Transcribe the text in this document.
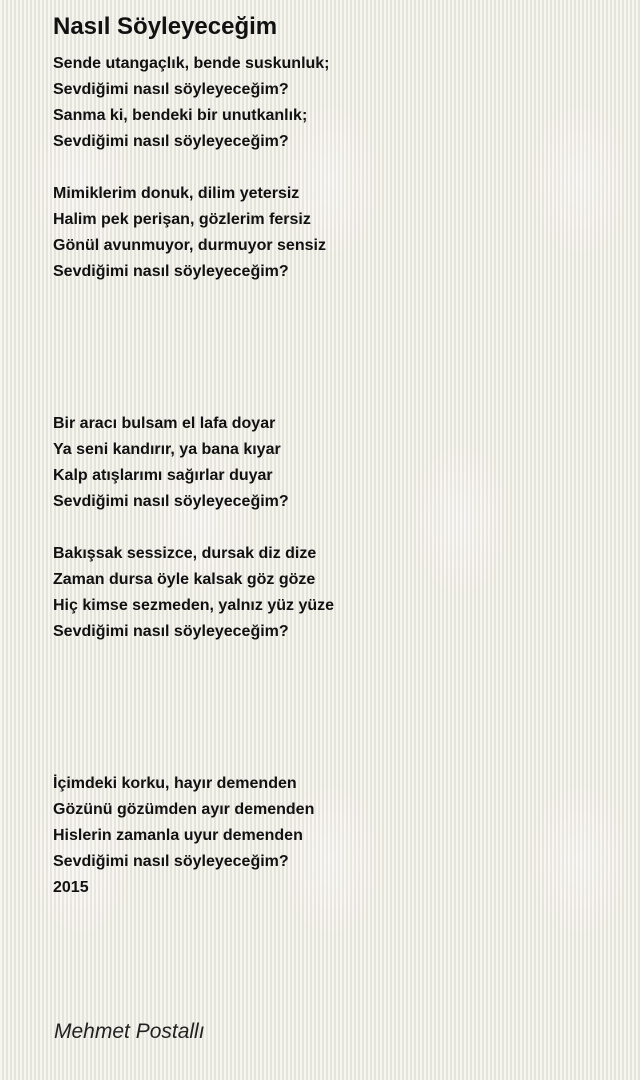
Nasıl Söyleyeceğim
Sende utangaçlık, bende suskunluk;
Sevdiğimi nasıl söyleyeceğim?
Sanma ki, bendeki bir unutkanlık;
Sevdiğimi nasıl söyleyeceğim?
Mimiklerim donuk, dilim yetersiz
Halim pek perişan, gözlerim fersiz
Gönül avunmuyor, durmuyor sensiz
Sevdiğimi nasıl söyleyeceğim?
Bir aracı bulsam el lafa doyar
Ya seni kandırır, ya bana kıyar
Kalp atışlarımı sağırlar duyar
Sevdiğimi nasıl söyleyeceğim?
Bakışsak sessizce, dursak diz dize
Zaman dursa öyle kalsak göz göze
Hiç kimse sezmeden, yalnız yüz yüze
Sevdiğimi nasıl söyleyeceğim?
İçimdeki korku, hayır demenden
Gözünü gözümden ayır demenden
Hislerin zamanla uyur demenden
Sevdiğimi nasıl söyleyeceğim?
2015

Mehmet Postallı
